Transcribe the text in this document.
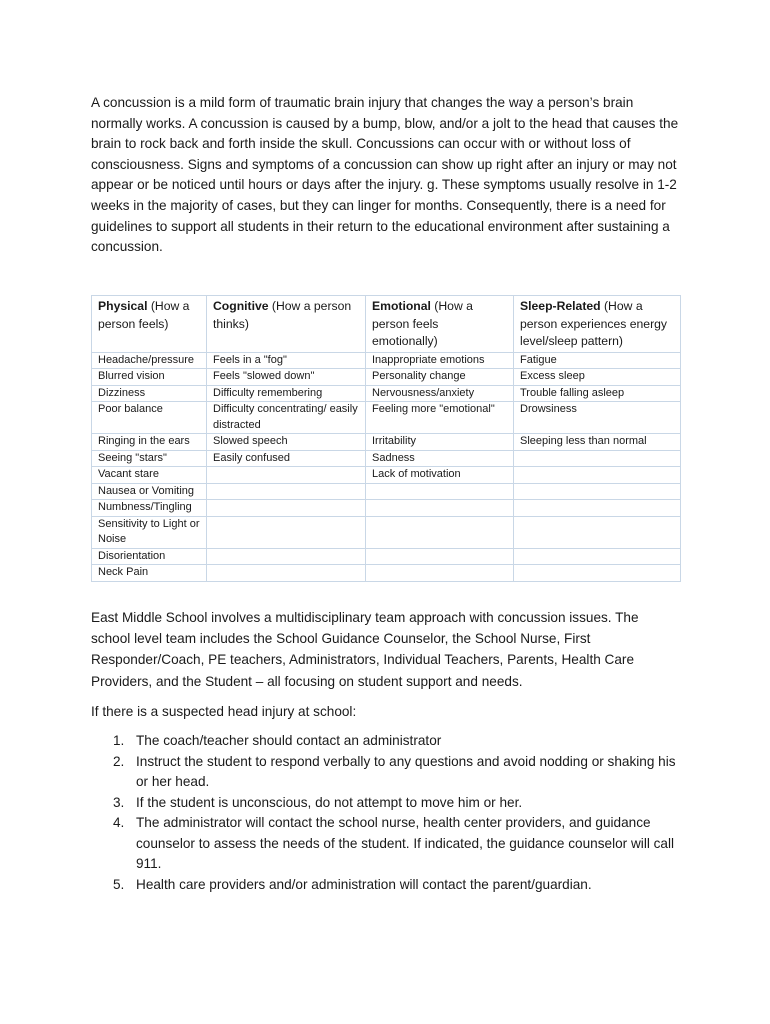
A concussion is a mild form of traumatic brain injury that changes the way a person’s brain normally works. A concussion is caused by a bump, blow, and/or a jolt to the head that causes the brain to rock back and forth inside the skull. Concussions can occur with or without loss of consciousness. Signs and symptoms of a concussion can show up right after an injury or may not appear or be noticed until hours or days after the injury. g. These symptoms usually resolve in 1-2 weeks in the majority of cases, but they can linger for months. Consequently, there is a need for guidelines to support all students in their return to the educational environment after sustaining a concussion.

Physical (How a person feels)	Cognitive (How a person thinks)	Emotional (How a person feels emotionally)	Sleep-Related (How a person experiences energy level/sleep pattern)
Headache/pressure	Feels in a "fog"	Inappropriate emotions	Fatigue
Blurred vision	Feels "slowed down"	Personality change	Excess sleep
Dizziness	Difficulty remembering	Nervousness/anxiety	Trouble falling asleep
Poor balance	Difficulty concentrating/ easily distracted	Feeling more "emotional"	Drowsiness
Ringing in the ears	Slowed speech	Irritability	Sleeping less than normal
Seeing "stars"	Easily confused	Sadness	
Vacant stare		Lack of motivation	
Nausea or Vomiting			
Numbness/Tingling			
Sensitivity to Light or Noise			
Disorientation			
Neck Pain			

East Middle School involves a multidisciplinary team approach with concussion issues. The school level team includes the School Guidance Counselor, the School Nurse, First Responder/Coach, PE teachers, Administrators, Individual Teachers, Parents, Health Care Providers, and the Student – all focusing on student support and needs.

If there is a suspected head injury at school:

1. The coach/teacher should contact an administrator
2. Instruct the student to respond verbally to any questions and avoid nodding or shaking his or her head.
3. If the student is unconscious, do not attempt to move him or her.
4. The administrator will contact the school nurse, health center providers, and guidance counselor to assess the needs of the student. If indicated, the guidance counselor will call 911.
5. Health care providers and/or administration will contact the parent/guardian.
